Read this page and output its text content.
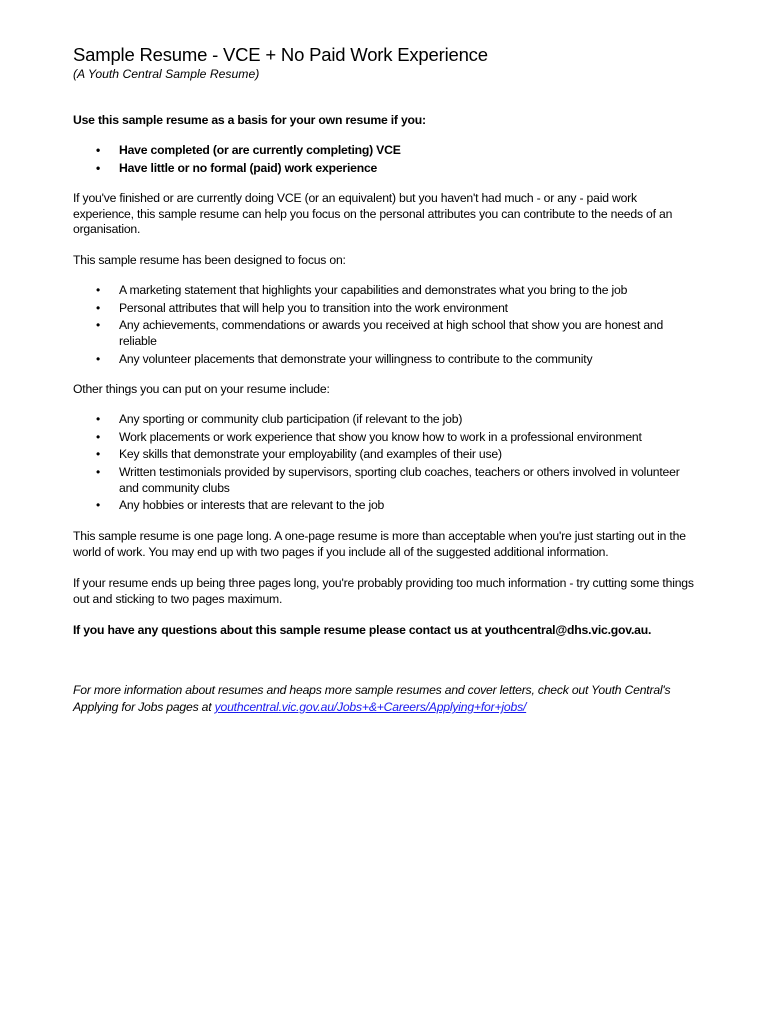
Sample Resume - VCE + No Paid Work Experience

(A Youth Central Sample Resume)

Use this sample resume as a basis for your own resume if you:

• Have completed (or are currently completing) VCE
• Have little or no formal (paid) work experience

If you've finished or are currently doing VCE (or an equivalent) but you haven't had much - or any - paid work experience, this sample resume can help you focus on the personal attributes you can contribute to the needs of an organisation.

This sample resume has been designed to focus on:

• A marketing statement that highlights your capabilities and demonstrates what you bring to the job
• Personal attributes that will help you to transition into the work environment
• Any achievements, commendations or awards you received at high school that show you are honest and reliable
• Any volunteer placements that demonstrate your willingness to contribute to the community

Other things you can put on your resume include:

• Any sporting or community club participation (if relevant to the job)
• Work placements or work experience that show you know how to work in a professional environment
• Key skills that demonstrate your employability (and examples of their use)
• Written testimonials provided by supervisors, sporting club coaches, teachers or others involved in volunteer and community clubs
• Any hobbies or interests that are relevant to the job

This sample resume is one page long. A one-page resume is more than acceptable when you're just starting out in the world of work. You may end up with two pages if you include all of the suggested additional information.

If your resume ends up being three pages long, you're probably providing too much information - try cutting some things out and sticking to two pages maximum.

If you have any questions about this sample resume please contact us at youthcentral@dhs.vic.gov.au.

For more information about resumes and heaps more sample resumes and cover letters, check out Youth Central's Applying for Jobs pages at youthcentral.vic.gov.au/Jobs+&+Careers/Applying+for+jobs/
